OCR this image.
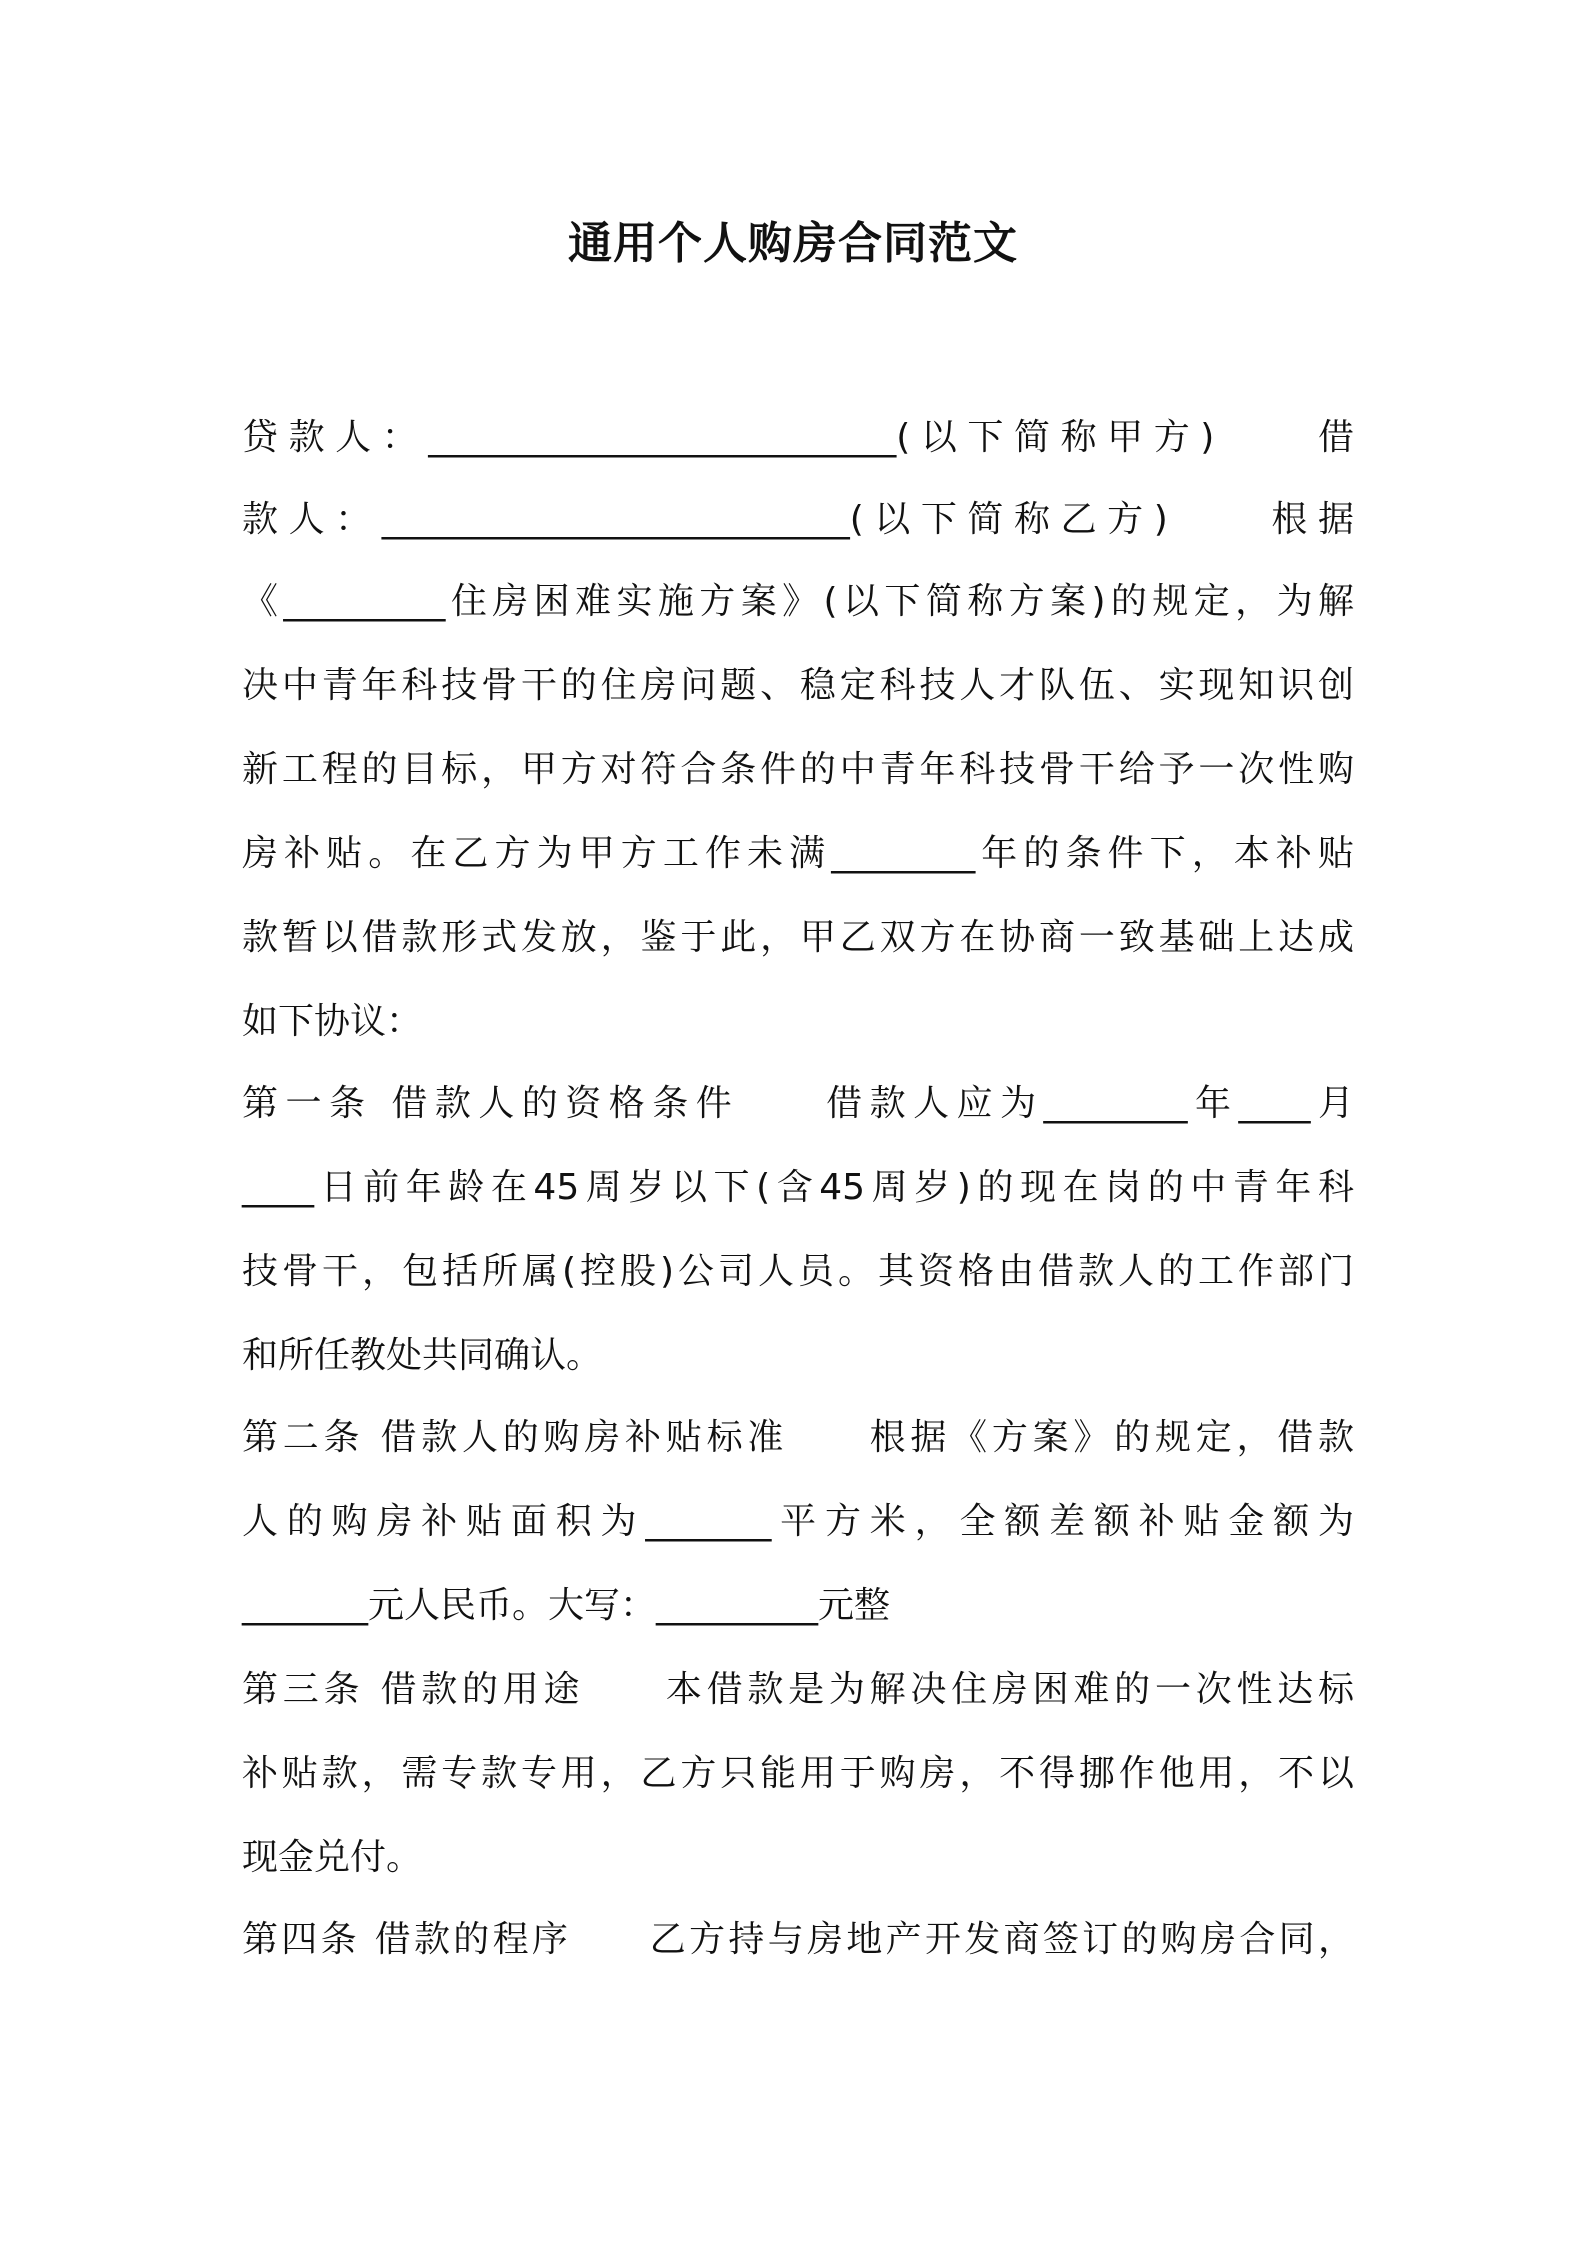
通用个人购房合同范文

贷款人：__________________________(以下简称甲方)　　借

款人：__________________________(以下简称乙方)　　根据

《_________住房困难实施方案》(以下简称方案)的规定，为解

决中青年科技骨干的住房问题、稳定科技人才队伍、实现知识创

新工程的目标，甲方对符合条件的中青年科技骨干给予一次性购

房补贴。在乙方为甲方工作未满________年的条件下，本补贴

款暂以借款形式发放，鉴于此，甲乙双方在协商一致基础上达成

如下协议：

第一条 借款人的资格条件　　借款人应为________年____月

____日前年龄在45周岁以下(含45周岁)的现在岗的中青年科

技骨干，包括所属(控股)公司人员。其资格由借款人的工作部门

和所任教处共同确认。

第二条 借款人的购房补贴标准　　根据《方案》的规定，借款

人的购房补贴面积为_______平方米，全额差额补贴金额为

_______元人民币。大写：_________元整

第三条 借款的用途　　本借款是为解决住房困难的一次性达标

补贴款，需专款专用，乙方只能用于购房，不得挪作他用，不以

现金兑付。

第四条 借款的程序　　乙方持与房地产开发商签订的购房合同，
